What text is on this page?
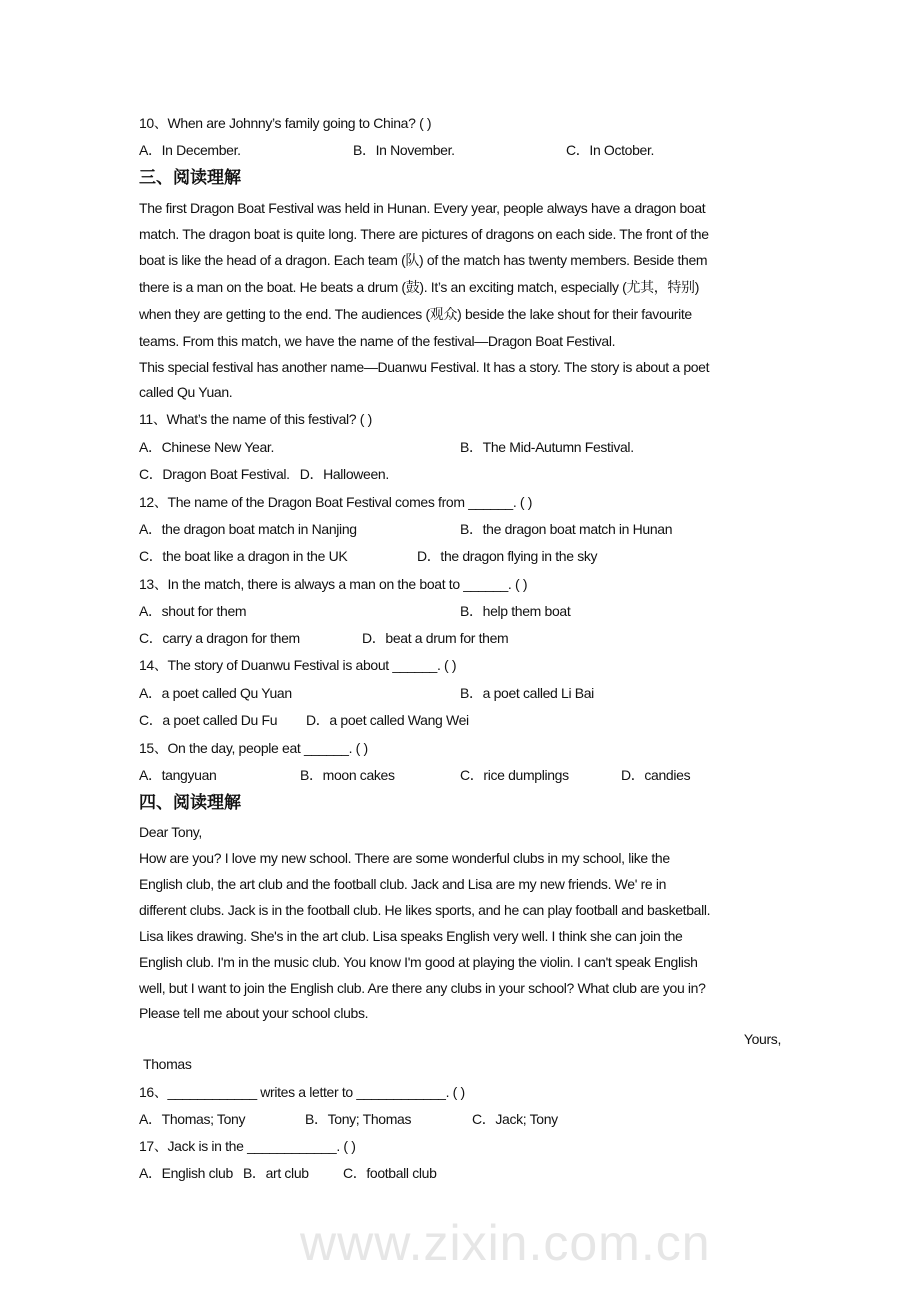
www.zixin.com.cn
10、When are Johnny’s family going to China? ( )
A．In December.	B．In November.	C．In October.
三、阅读理解
The first Dragon Boat Festival was held in Hunan. Every year, people always have a dragon boat
match. The dragon boat is quite long. There are pictures of dragons on each side. The front of the
boat is like the head of a dragon. Each team (队) of the match has twenty members. Beside them
there is a man on the boat. He beats a drum (鼓). It’s an exciting match, especially (尤其，特别)
when they are getting to the end. The audiences (观众) beside the lake shout for their favourite
teams. From this match, we have the name of the festival—Dragon Boat Festival.
This special festival has another name—Duanwu Festival. It has a story. The story is about a poet
called Qu Yuan.
11、What’s the name of this festival? ( )
A．Chinese New Year.	B．The Mid-Autumn Festival.
C．Dragon Boat Festival. D．Halloween.
12、The name of the Dragon Boat Festival comes from ______. ( )
A．the dragon boat match in Nanjing	B．the dragon boat match in Hunan
C．the boat like a dragon in the UK	D．the dragon flying in the sky
13、In the match, there is always a man on the boat to ______. ( )
A．shout for them	B．help them boat
C．carry a dragon for them	D．beat a drum for them
14、The story of Duanwu Festival is about ______. ( )
A．a poet called Qu Yuan	B．a poet called Li Bai
C．a poet called Du Fu D．a poet called Wang Wei
15、On the day, people eat ______. ( )
A．tangyuan	B．moon cakes	C．rice dumplings	D．candies
四、阅读理解
Dear Tony,
How are you? I love my new school. There are some wonderful clubs in my school, like the
English club, the art club and the football club. Jack and Lisa are my new friends. We' re in
different clubs. Jack is in the football club. He likes sports, and he can play football and basketball.
Lisa likes drawing. She's in the art club. Lisa speaks English very well. I think she can join the
English club. I'm in the music club. You know I'm good at playing the violin. I can't speak English
well, but I want to join the English club. Are there any clubs in your school? What club are you in?
Please tell me about your school clubs.
Yours,
Thomas
16、____________ writes a letter to ____________. ( )
A．Thomas; Tony	B．Tony; Thomas	C．Jack; Tony
17、Jack is in the ____________. ( )
A．English club B．art club C．football club
